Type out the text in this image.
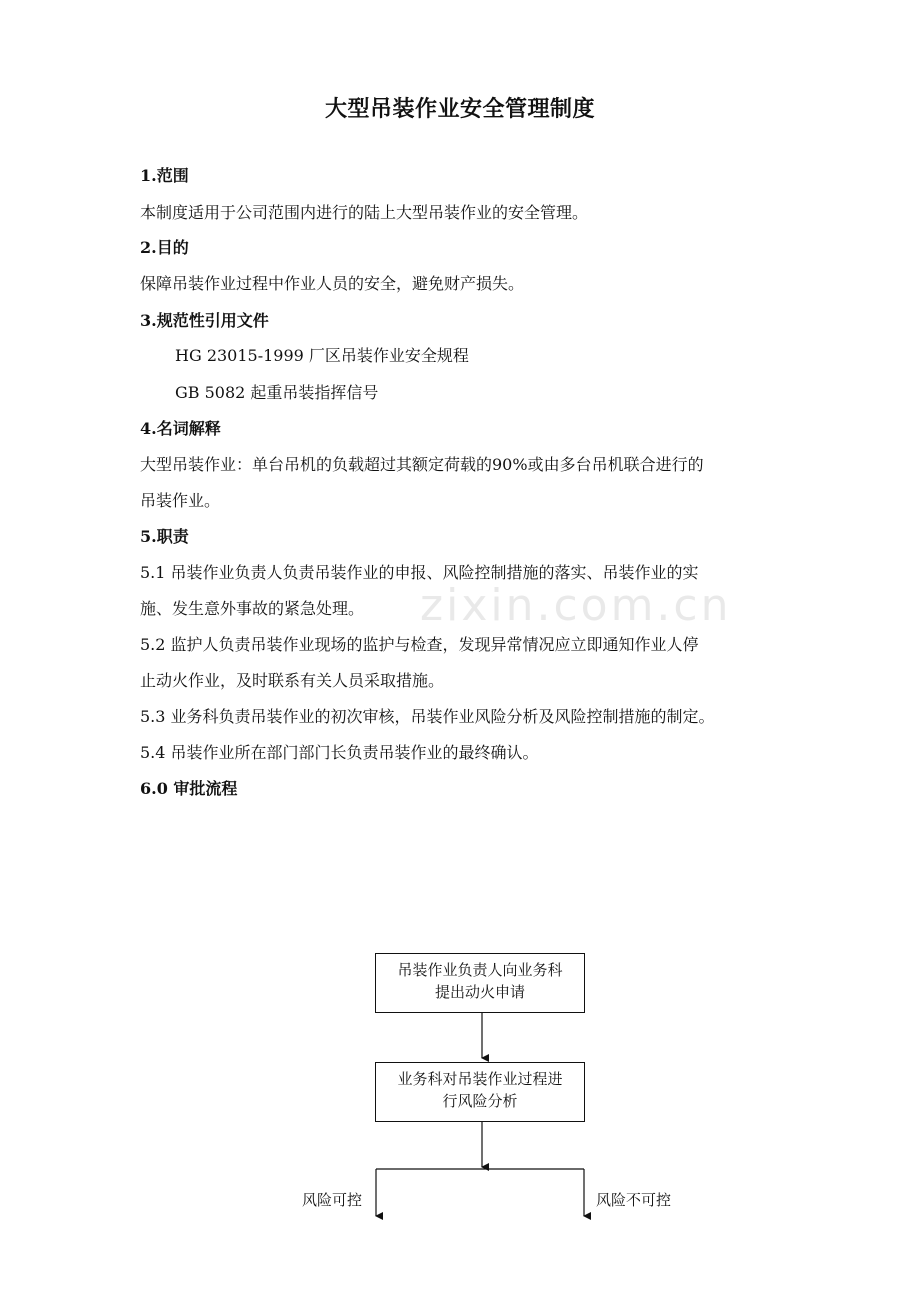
大型吊装作业安全管理制度
1.范围
本制度适用于公司范围内进行的陆上大型吊装作业的安全管理。
2.目的
保障吊装作业过程中作业人员的安全，避免财产损失。
3.规范性引用文件
HG 23015-1999 厂区吊装作业安全规程
GB 5082 起重吊装指挥信号
4.名词解释
大型吊装作业：单台吊机的负载超过其额定荷载的90%或由多台吊机联合进行的
吊装作业。
5.职责
5.1 吊装作业负责人负责吊装作业的申报、风险控制措施的落实、吊装作业的实
施、发生意外事故的紧急处理。
5.2 监护人负责吊装作业现场的监护与检查，发现异常情况应立即通知作业人停
止动火作业，及时联系有关人员采取措施。
5.3 业务科负责吊装作业的初次审核，吊装作业风险分析及风险控制措施的制定。
5.4 吊装作业所在部门部门长负责吊装作业的最终确认。
6.0 审批流程
zixin.com.cn
吊装作业负责人向业务科
提出动火申请
业务科对吊装作业过程进
行风险分析
风险可控	风险不可控
